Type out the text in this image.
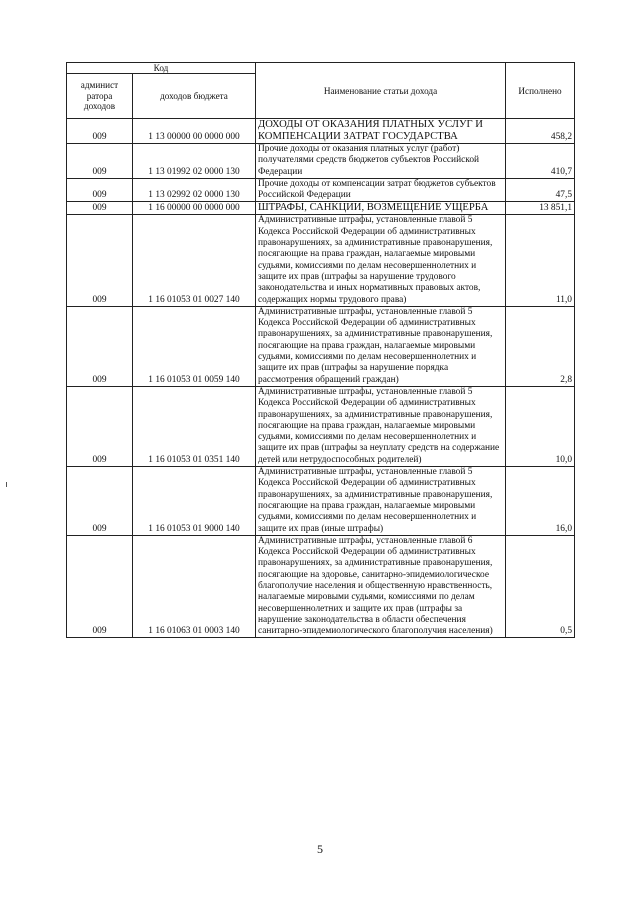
Код		Наименование статьи дохода	Исполнено
админист
ратора
доходов	доходов бюджета		
009	1 13 00000 00 0000 000	ДОХОДЫ ОТ ОКАЗАНИЯ ПЛАТНЫХ УСЛУГ И КОМПЕНСАЦИИ ЗАТРАТ ГОСУДАРСТВА	458,2
009	1 13 01992 02 0000 130	Прочие доходы от оказания платных услуг (работ) получателями средств бюджетов субъектов Российской Федерации	410,7
009	1 13 02992 02 0000 130	Прочие доходы от компенсации затрат бюджетов субъектов Российской Федерации	47,5
009	1 16 00000 00 0000 000	ШТРАФЫ, САНКЦИИ, ВОЗМЕЩЕНИЕ УЩЕРБА	13 851,1
009	1 16 01053 01 0027 140	Административные штрафы, установленные главой 5 Кодекса Российской Федерации об административных правонарушениях, за административные правонарушения, посягающие на права граждан, налагаемые мировыми судьями, комиссиями по делам несовершеннолетних и защите их прав (штрафы за нарушение трудового законодательства и иных нормативных правовых актов, содержащих нормы трудового права)	11,0
009	1 16 01053 01 0059 140	Административные штрафы, установленные главой 5 Кодекса Российской Федерации об административных правонарушениях, за административные правонарушения, посягающие на права граждан, налагаемые мировыми судьями, комиссиями по делам несовершеннолетних и защите их прав (штрафы за нарушение порядка рассмотрения обращений граждан)	2,8
009	1 16 01053 01 0351 140	Административные штрафы, установленные главой 5 Кодекса Российской Федерации об административных правонарушениях, за административные правонарушения, посягающие на права граждан, налагаемые мировыми судьями, комиссиями по делам несовершеннолетних и защите их прав (штрафы за неуплату средств на содержание детей или нетрудоспособных родителей)	10,0
009	1 16 01053 01 9000 140	Административные штрафы, установленные главой 5 Кодекса Российской Федерации об административных правонарушениях, за административные правонарушения, посягающие на права граждан, налагаемые мировыми судьями, комиссиями по делам несовершеннолетних и защите их прав (иные штрафы)	16,0
009	1 16 01063 01 0003 140	Административные штрафы, установленные главой 6 Кодекса Российской Федерации об административных правонарушениях, за административные правонарушения, посягающие на здоровье, санитарно-эпидемиологическое благополучие населения и общественную нравственность, налагаемые мировыми судьями, комиссиями по делам несовершеннолетних и защите их прав (штрафы за нарушение законодательства в области обеспечения санитарно-эпидемиологического благополучия населения)	0,5
5
